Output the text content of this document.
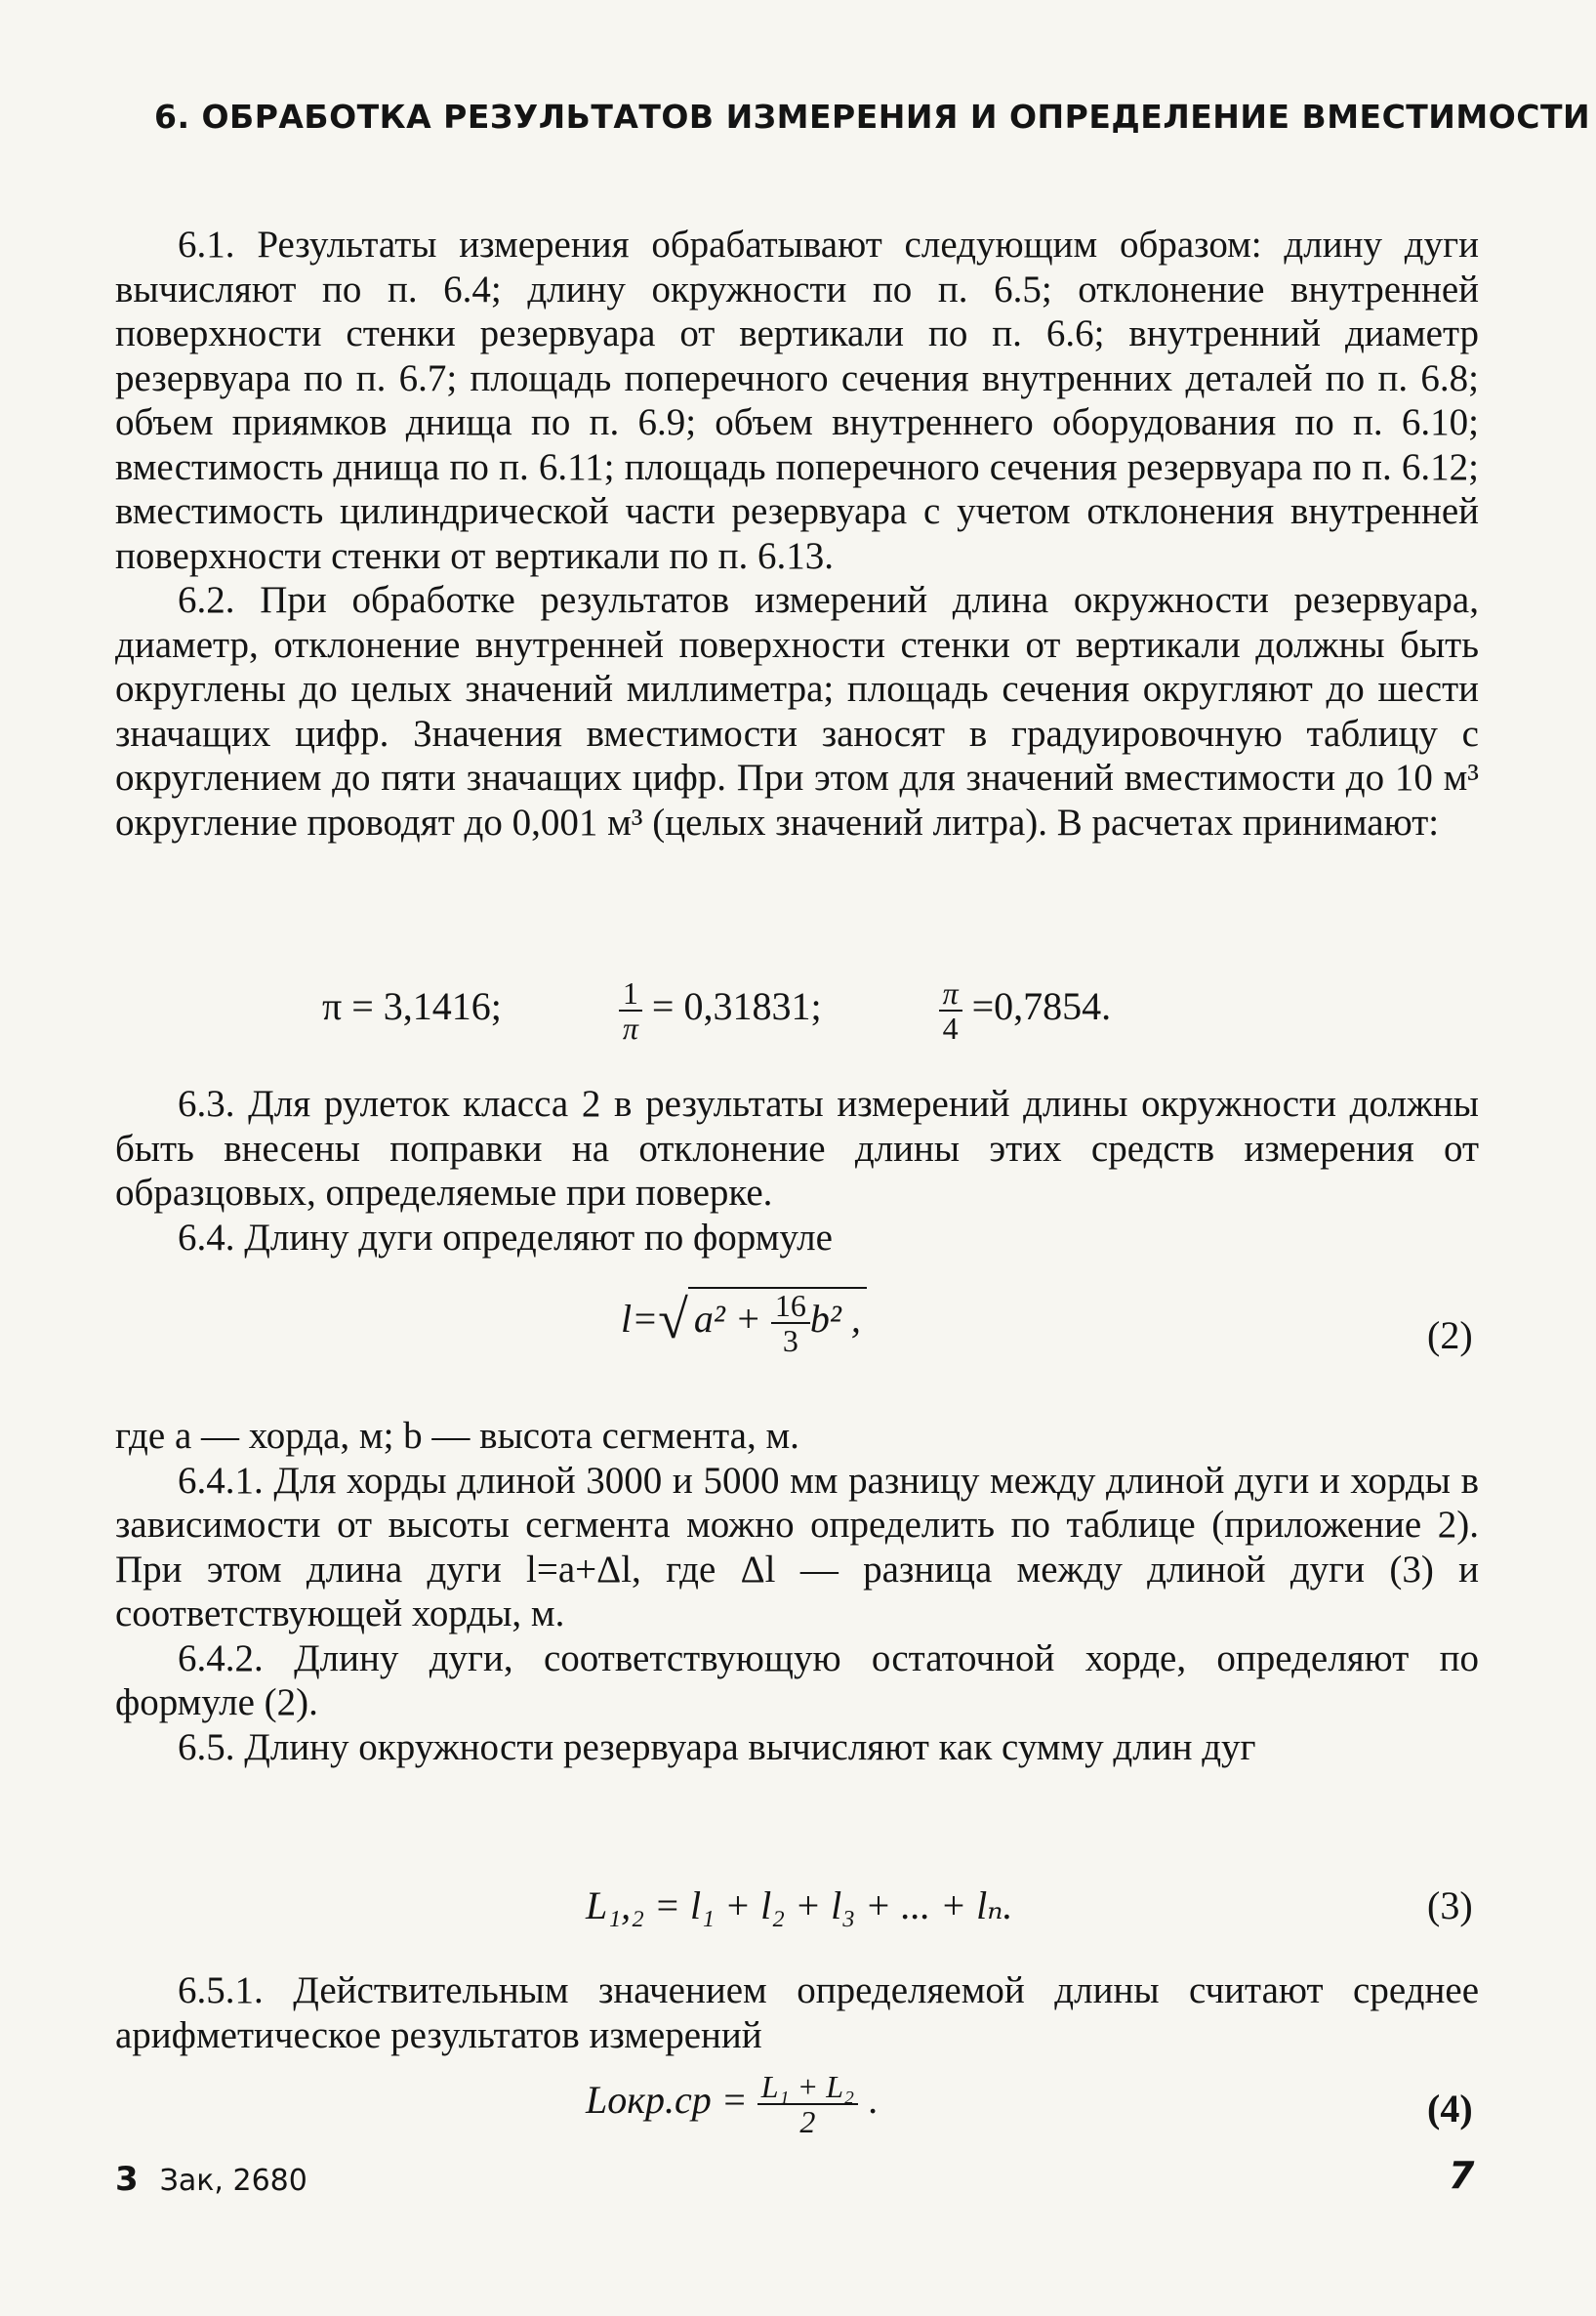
6. ОБРАБОТКА РЕЗУЛЬТАТОВ ИЗМЕРЕНИЯ И ОПРЕДЕЛЕНИЕ ВМЕСТИМОСТИ

6.1. Результаты измерения обрабатывают следующим образом: длину дуги вычисляют по п. 6.4; длину окружности по п. 6.5; отклонение внутренней поверхности стенки резервуара от вертикали по п. 6.6; внутренний диаметр резервуара по п. 6.7; площадь поперечного сечения внутренних деталей по п. 6.8; объем приямков днища по п. 6.9; объем внутреннего оборудования по п. 6.10; вместимость днища по п. 6.11; площадь поперечного сечения резервуара по п. 6.12; вместимость цилиндрической части резервуара с учетом отклонения внутренней поверхности стенки от вертикали по п. 6.13.

6.2. При обработке результатов измерений длина окружности резервуара, диаметр, отклонение внутренней поверхности стенки от вертикали должны быть округлены до целых значений миллиметра; площадь сечения округляют до шести значащих цифр. Значения вместимости заносят в градуировочную таблицу с округлением до пяти значащих цифр. При этом для значений вместимости до 10 м³ округление проводят до 0,001 м³ (целых значений литра). В расчетах принимают:

π = 3,1416;	$\frac{1}{\pi} = 0,31831$;	$\frac{\pi}{4} =0,7854$.

6.3. Для рулеток класса 2 в результаты измерений длины окружности должны быть внесены поправки на отклонение длины этих средств измерения от образцовых, определяемые при поверке.

6.4. Длину дуги определяют по формуле

l=√ $a^2 + \frac{16}{3} b^2$ ,	(2)

где a — хорда, м; b — высота сегмента, м.

6.4.1. Для хорды длиной 3000 и 5000 мм разницу между длиной дуги и хорды в зависимости от высоты сегмента можно определить по таблице (приложение 2). При этом длина дуги l=a+Δl, где Δl — разница между длиной дуги (3) и соответствующей хорды, м.

6.4.2. Длину дуги, соответствующую остаточной хорде, определяют по формуле (2).

6.5. Длину окружности резервуара вычисляют как сумму длин дуг

L₁,₂ = l₁ + l₂ + l₃ + ... + lₙ.	(3)

6.5.1. Действительным значением определяемой длины считают среднее арифметическое результатов измерений

Lокр.ср = $\frac{\text{L₁ + L₂}}{2}$ .	(4)
3 Зак, 2680	7
